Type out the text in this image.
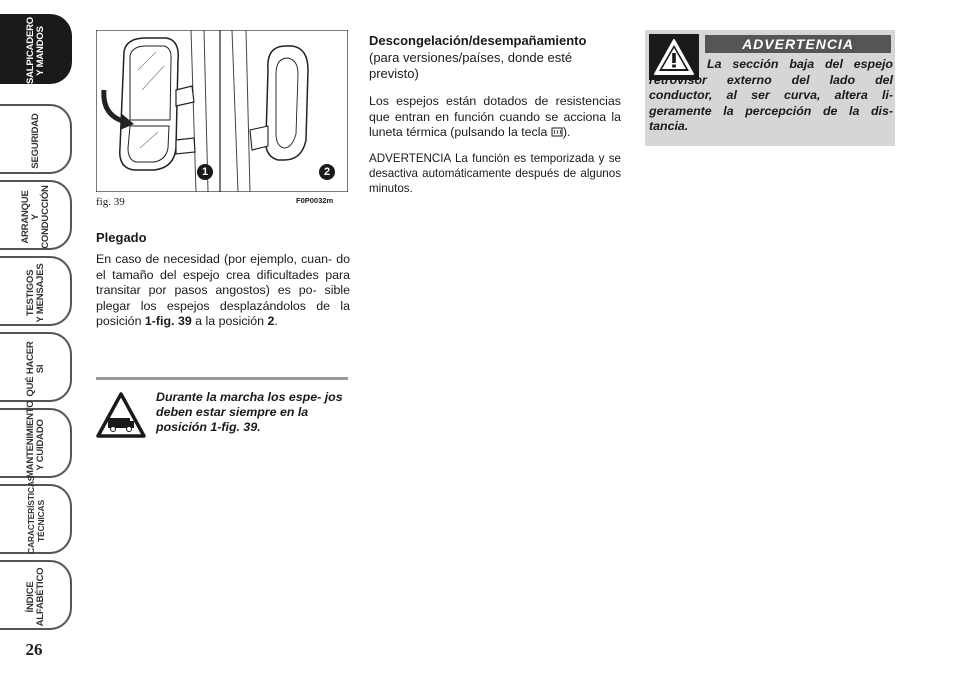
SALPICADERO
Y MANDOS
SEGURIDAD
ARRANQUE
Y CONDUCCIÓN
TESTIGOS
Y MENSAJES
QUÉ HACER SI
MANTENIMIENTO
Y CUIDADO
CARACTERÍSTICAS
TÉCNICAS
ÍNDICE
ALFABÉTICO
26
1	2
fig. 39	F0P0032m
Plegado
En caso de necesidad (por ejemplo, cuan- do el tamaño del espejo crea dificultades para transitar por pasos angostos) es po- sible plegar los espejos desplazándolos de la posición 1-fig. 39 a la posición 2.
Durante la marcha los espe- jos deben estar siempre en la posición 1-fig. 39.
Descongelación/desempañamiento
(para versiones/países, donde esté previsto)
Los espejos están dotados de resistencias que entran en función cuando se acciona la luneta térmica (pulsando la tecla ).
ADVERTENCIA La función es temporizada y se desactiva automáticamente después de algunos minutos.
ADVERTENCIA
La sección baja del espejo retrovisor externo del lado del conductor, al ser curva, altera li- geramente la percepción de la dis- tancia.
